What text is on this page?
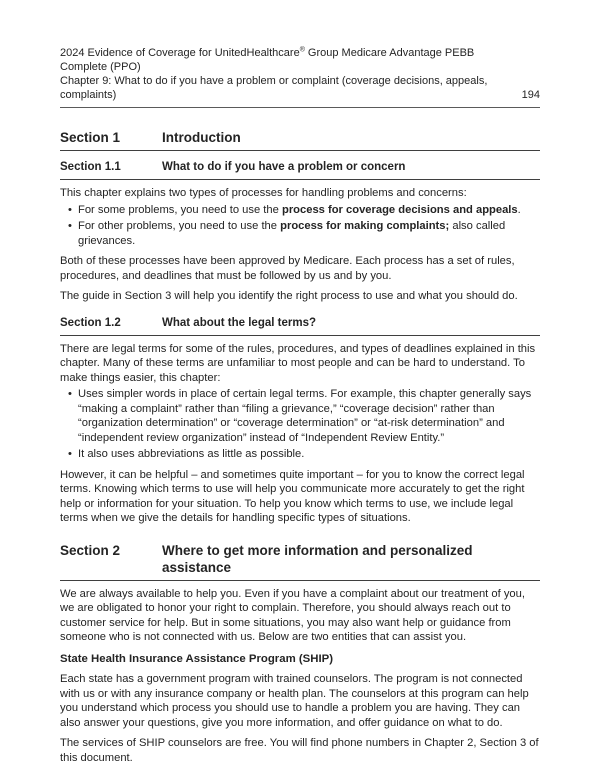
2024 Evidence of Coverage for UnitedHealthcare® Group Medicare Advantage PEBB
Complete (PPO)
Chapter 9: What to do if you have a problem or complaint (coverage decisions, appeals,
complaints)	194
Section 1	Introduction
Section 1.1	What to do if you have a problem or concern

This chapter explains two types of processes for handling problems and concerns:

• For some problems, you need to use the process for coverage decisions and appeals.
• For other problems, you need to use the process for making complaints; also called grievances.

Both of these processes have been approved by Medicare. Each process has a set of rules, procedures, and deadlines that must be followed by us and by you.

The guide in Section 3 will help you identify the right process to use and what you should do.

Section 1.2	What about the legal terms?

There are legal terms for some of the rules, procedures, and types of deadlines explained in this chapter. Many of these terms are unfamiliar to most people and can be hard to understand. To make things easier, this chapter:

• Uses simpler words in place of certain legal terms. For example, this chapter generally says “making a complaint” rather than “filing a grievance,” “coverage decision” rather than “organization determination” or “coverage determination” or “at-risk determination” and “independent review organization” instead of “Independent Review Entity.”
• It also uses abbreviations as little as possible.

However, it can be helpful – and sometimes quite important – for you to know the correct legal terms. Knowing which terms to use will help you communicate more accurately to get the right help or information for your situation. To help you know which terms to use, we include legal terms when we give the details for handling specific types of situations.

Section 2	Where to get more information and personalized assistance

We are always available to help you. Even if you have a complaint about our treatment of you, we are obligated to honor your right to complain. Therefore, you should always reach out to customer service for help. But in some situations, you may also want help or guidance from someone who is not connected with us. Below are two entities that can assist you.

State Health Insurance Assistance Program (SHIP)

Each state has a government program with trained counselors. The program is not connected with us or with any insurance company or health plan. The counselors at this program can help you understand which process you should use to handle a problem you are having. They can also answer your questions, give you more information, and offer guidance on what to do.

The services of SHIP counselors are free. You will find phone numbers in Chapter 2, Section 3 of this document.
